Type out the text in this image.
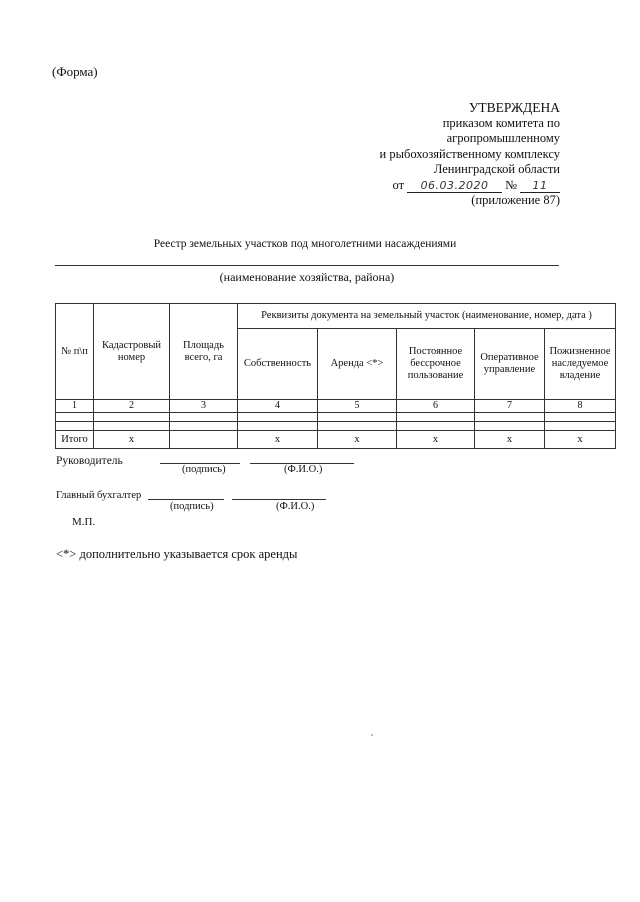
(Форма)
УТВЕРЖДЕНА
приказом комитета по
агропромышленному
и рыбохозяйственному комплексу
Ленинградской области
от	06.03.2020	№	11
(приложение 87)
Реестр земельных участков под многолетними насаждениями
(наименование хозяйства, района)
№ п\п	Кадастровый номер	Площадь всего, га	Реквизиты документа на земельный участок (наименование, номер, дата )				
			Собственность	Аренда <*>	Постоянное бессрочное пользование	Оперативное управление	Пожизненное наследуемое владение
1	2	3	4	5	6	7	8

Итого	х		х	х	х	х	х
Руководитель
(подпись)	(Ф.И.О.)
Главный бухгалтер
(подпись)	(Ф.И.О.)
М.П.
<*> дополнительно указывается срок аренды
